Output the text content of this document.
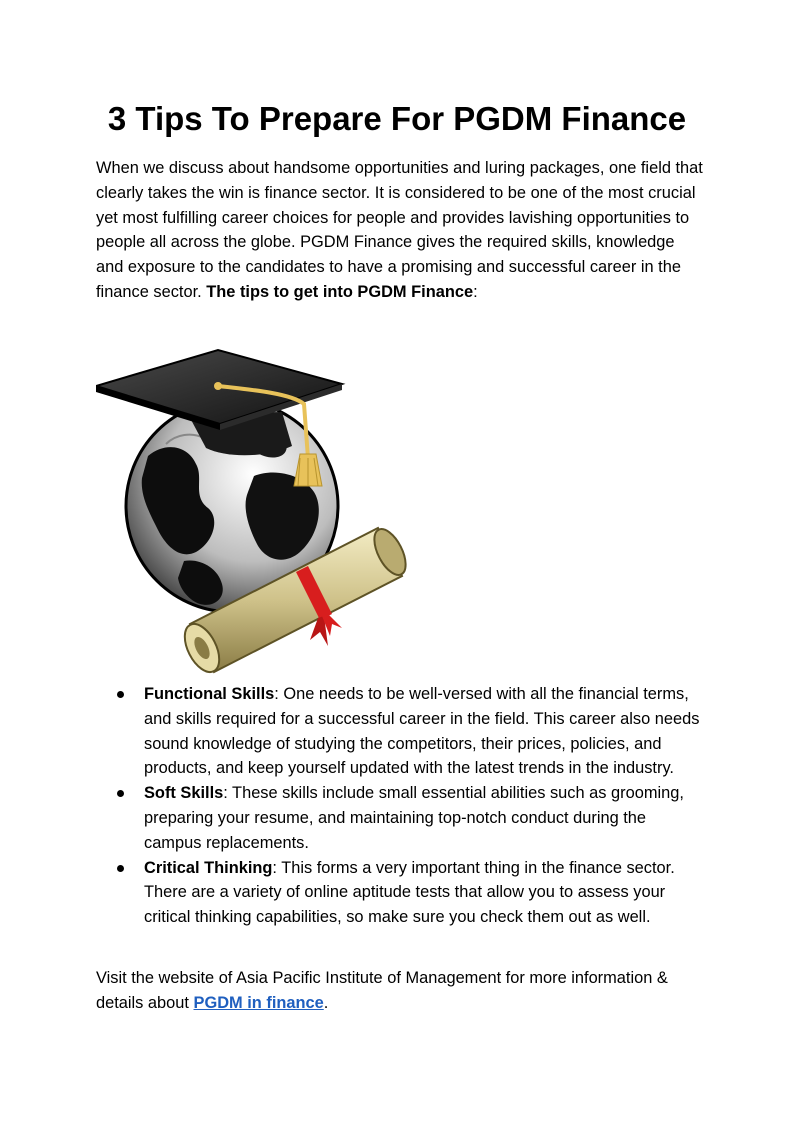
3 Tips To Prepare For PGDM Finance

When we discuss about handsome opportunities and luring packages, one field that clearly takes the win is finance sector. It is considered to be one of the most crucial yet most fulfilling career choices for people and provides lavishing opportunities to people all across the globe. PGDM Finance gives the required skills, knowledge and exposure to the candidates to have a promising and successful career in the finance sector. The tips to get into PGDM Finance:

Functional Skills: One needs to be well-versed with all the financial terms, and skills required for a successful career in the field. This career also needs sound knowledge of studying the competitors, their prices, policies, and products, and keep yourself updated with the latest trends in the industry.
Soft Skills: These skills include small essential abilities such as grooming, preparing your resume, and maintaining top-notch conduct during the campus replacements.
Critical Thinking: This forms a very important thing in the finance sector. There are a variety of online aptitude tests that allow you to assess your critical thinking capabilities, so make sure you check them out as well.

Visit the website of Asia Pacific Institute of Management for more information & details about PGDM in finance.
